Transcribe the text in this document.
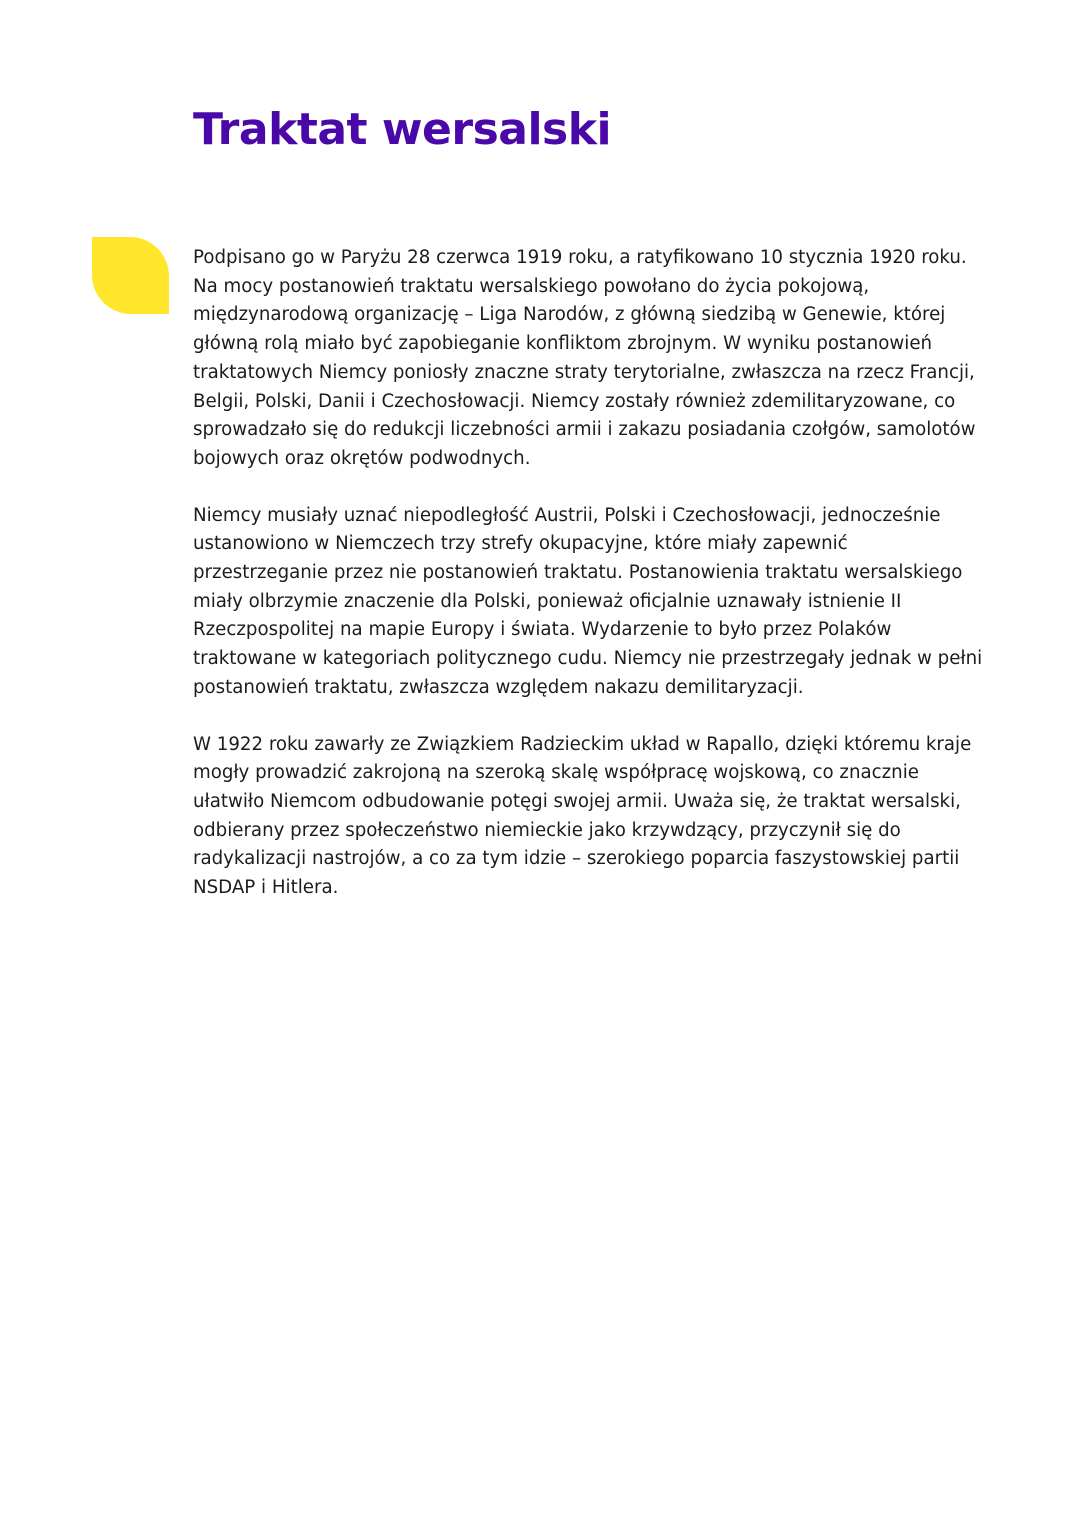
Traktat wersalski

Podpisano go w Paryżu 28 czerwca 1919 roku, a ratyfikowano 10 stycznia 1920 roku. Na mocy postanowień traktatu wersalskiego powołano do życia pokojową, międzynarodową organizację – Liga Narodów, z główną siedzibą w Genewie, której główną rolą miało być zapobieganie konfliktom zbrojnym. W wyniku postanowień traktatowych Niemcy poniosły znaczne straty terytorialne, zwłaszcza na rzecz Francji, Belgii, Polski, Danii i Czechosłowacji. Niemcy zostały również zdemilitaryzowane, co sprowadzało się do redukcji liczebności armii i zakazu posiadania czołgów, samolotów bojowych oraz okrętów podwodnych.

Niemcy musiały uznać niepodległość Austrii, Polski i Czechosłowacji, jednocześnie ustanowiono w Niemczech trzy strefy okupacyjne, które miały zapewnić przestrzeganie przez nie postanowień traktatu. Postanowienia traktatu wersalskiego miały olbrzymie znaczenie dla Polski, ponieważ oficjalnie uznawały istnienie II Rzeczpospolitej na mapie Europy i świata. Wydarzenie to było przez Polaków traktowane w kategoriach politycznego cudu. Niemcy nie przestrzegały jednak w pełni postanowień traktatu, zwłaszcza względem nakazu demilitaryzacji.

W 1922 roku zawarły ze Związkiem Radzieckim układ w Rapallo, dzięki któremu kraje mogły prowadzić zakrojoną na szeroką skalę współpracę wojskową, co znacznie ułatwiło Niemcom odbudowanie potęgi swojej armii. Uważa się, że traktat wersalski, odbierany przez społeczeństwo niemieckie jako krzywdzący, przyczynił się do radykalizacji nastrojów, a co za tym idzie – szerokiego poparcia faszystowskiej partii NSDAP i Hitlera.
